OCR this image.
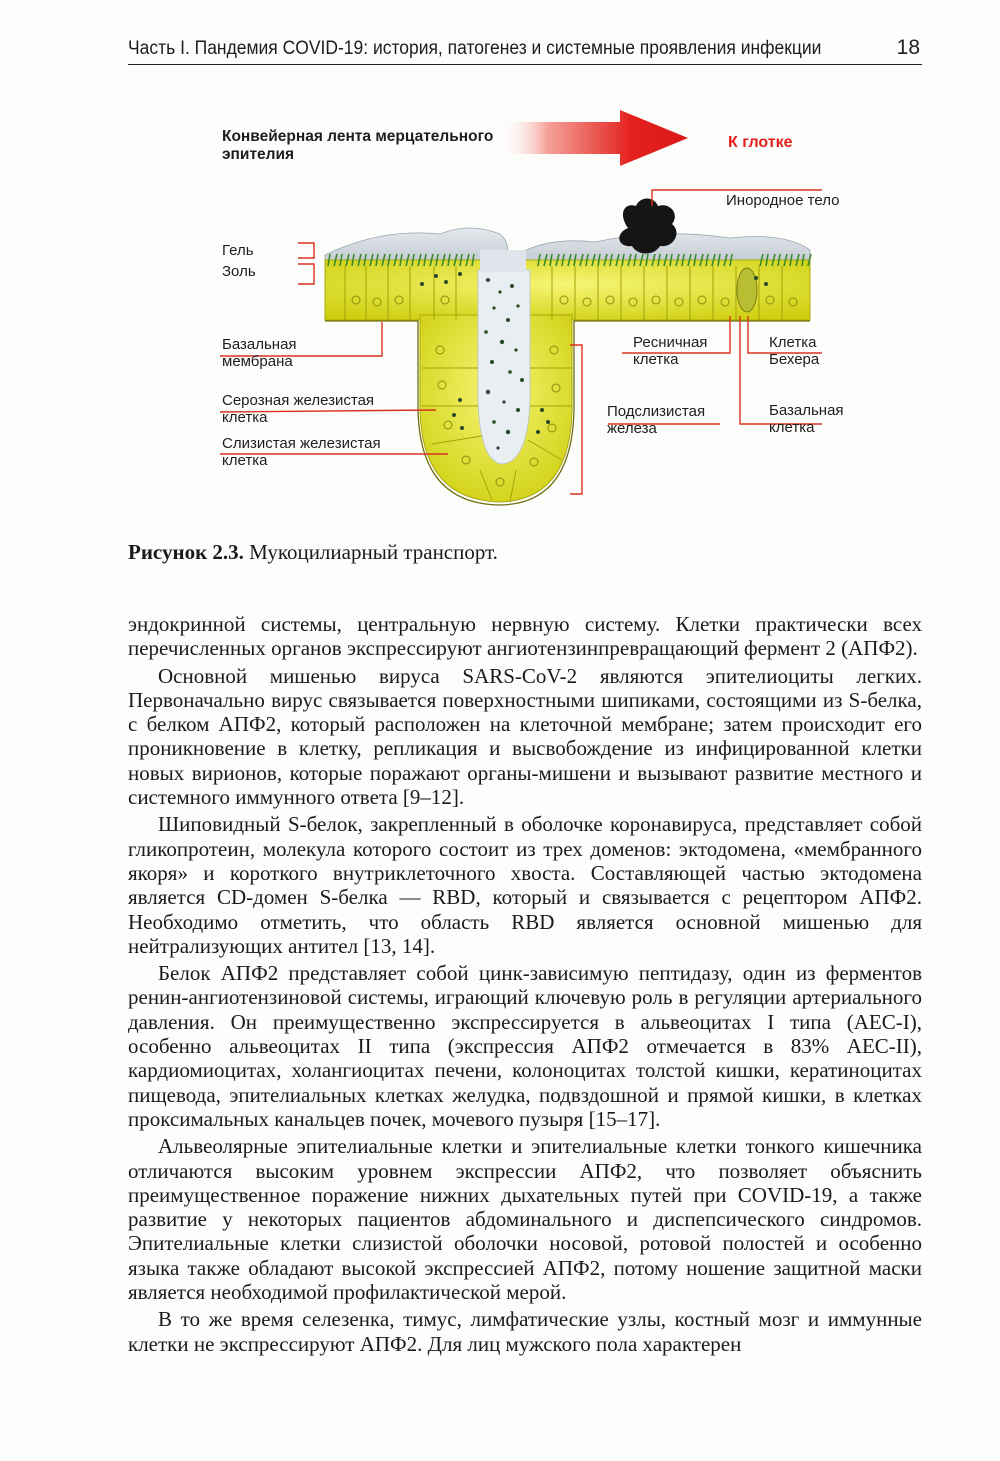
Часть I. Пандемия COVID-19: история, патогенез и системные проявления инфекции	18
Конвейерная лента мерцательного
эпителия
К глотке
Инородное тело
Гель
Золь
Базальная
мембрана
Серозная железистая
клетка
Слизистая железистая
клетка
Ресничная
клетка
Клетка
Бехера
Подслизистая
железа
Базальная
клетка
Рисунок 2.3. Мукоцилиарный транспорт.

эндокринной системы, центральную нервную систему. Клетки практически всех перечисленных органов экспрессируют ангиотензинпревращающий фермент 2 (АПФ2).

Основной мишенью вируса SARS-CoV-2 являются эпителиоциты легких. Первоначально вирус связывается поверхностными шипиками, состоящими из S-белка, с белком АПФ2, который расположен на клеточной мембране; затем происходит его проникновение в клетку, репликация и высвобождение из инфицированной клетки новых вирионов, которые поражают органы-мишени и вызывают развитие местного и системного иммунного ответа [9–12].

Шиповидный S-белок, закрепленный в оболочке коронавируса, представляет собой гликопротеин, молекула которого состоит из трех доменов: эктодомена, «мембранного якоря» и короткого внутриклеточного хвоста. Составляющей частью эктодомена является CD-домен S-белка — RBD, который и связывается с рецептором АПФ2. Необходимо отметить, что область RBD является основной мишенью для нейтрализующих антител [13, 14].

Белок АПФ2 представляет собой цинк-зависимую пептидазу, один из ферментов ренин-ангиотензиновой системы, играющий ключевую роль в регуляции артериального давления. Он преимущественно экспрессируется в альвеоцитах I типа (AEC-I), особенно альвеоцитах II типа (экспрессия АПФ2 отмечается в 83% AEC-II), кардиомиоцитах, холангиоцитах печени, колоноцитах толстой кишки, кератиноцитах пищевода, эпителиальных клетках желудка, подвздошной и прямой кишки, в клетках проксимальных канальцев почек, мочевого пузыря [15–17].

Альвеолярные эпителиальные клетки и эпителиальные клетки тонкого кишечника отличаются высоким уровнем экспрессии АПФ2, что позволяет объяснить преимущественное поражение нижних дыхательных путей при COVID-19, а также развитие у некоторых пациентов абдоминального и диспепсического синдромов. Эпителиальные клетки слизистой оболочки носовой, ротовой полостей и особенно языка также обладают высокой экспрессией АПФ2, потому ношение защитной маски является необходимой профилактической мерой.

В то же время селезенка, тимус, лимфатические узлы, костный мозг и иммунные клетки не экспрессируют АПФ2. Для лиц мужского пола характерен
